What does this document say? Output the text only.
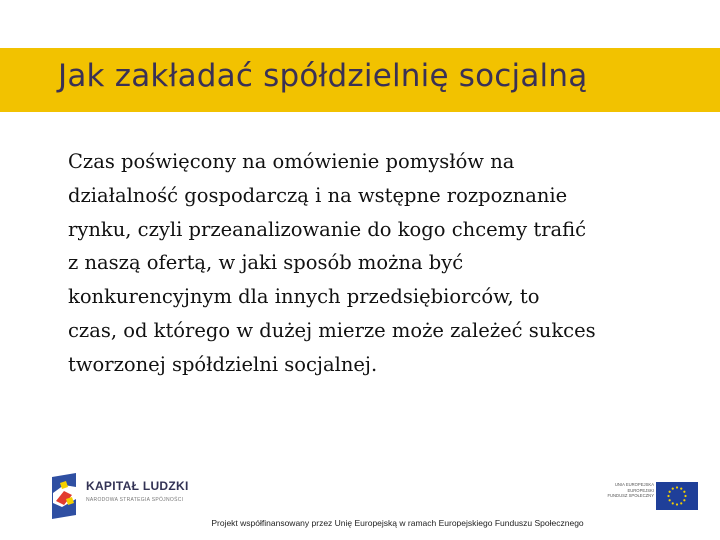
Jak zakładać spółdzielnię socjalną
Czas poświęcony na omówienie pomysłów na
działalność gospodarczą i na wstępne rozpoznanie
rynku, czyli przeanalizowanie do kogo chcemy trafić
z naszą ofertą, w jaki sposób można być
konkurencyjnym dla innych przedsiębiorców, to
czas, od którego w dużej mierze może zależeć sukces
tworzonej spółdzielni socjalnej.
KAPITAŁ LUDZKI
NARODOWA STRATEGIA SPÓJNOŚCI
UNIA EUROPEJSKA
EUROPEJSKI
FUNDUSZ SPOŁECZNY
Projekt współfinansowany przez Unię Europejską w ramach Europejskiego Funduszu Społecznego
